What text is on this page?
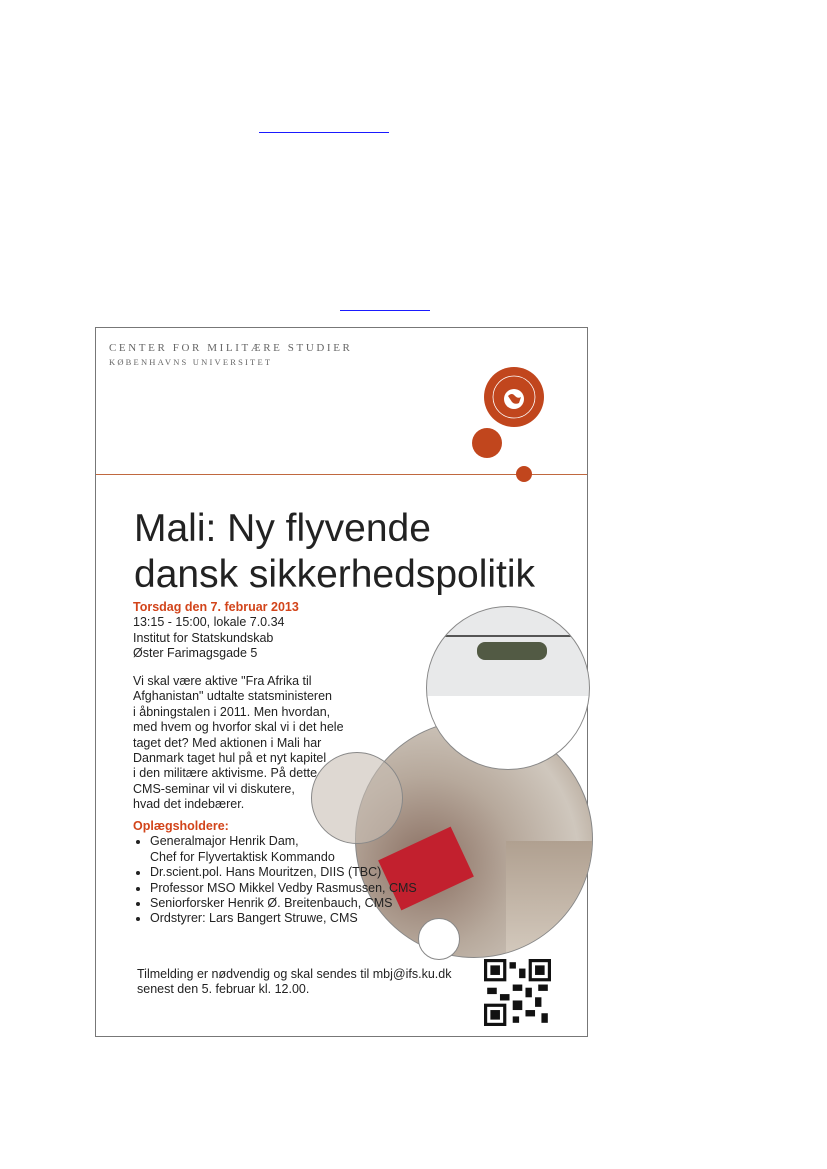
CENTER FOR MILITÆRE STUDIER
KØBENHAVNS UNIVERSITET
Mali: Ny flyvende
dansk sikkerhedspolitik
Torsdag den 7. februar 2013
13:15 - 15:00, lokale 7.0.34
Institut for Statskundskab
Øster Farimagsgade 5
Vi skal være aktive "Fra Afrika til
Afghanistan" udtalte statsministeren
i åbningstalen i 2011. Men hvordan,
med hvem og hvorfor skal vi i det hele
taget det? Med aktionen i Mali har
Danmark taget hul på et nyt kapitel
i den militære aktivisme. På dette
CMS-seminar vil vi diskutere,
hvad det indebærer.
Oplægsholdere:
• Generalmajor Henrik Dam,
Chef for Flyvertaktisk Kommando
• Dr.scient.pol. Hans Mouritzen, DIIS (TBC)
• Professor MSO Mikkel Vedby Rasmussen, CMS
• Seniorforsker Henrik Ø. Breitenbauch, CMS
• Ordstyrer: Lars Bangert Struwe, CMS
Tilmelding er nødvendig og skal sendes til mbj@ifs.ku.dk
senest den 5. februar kl. 12.00.
